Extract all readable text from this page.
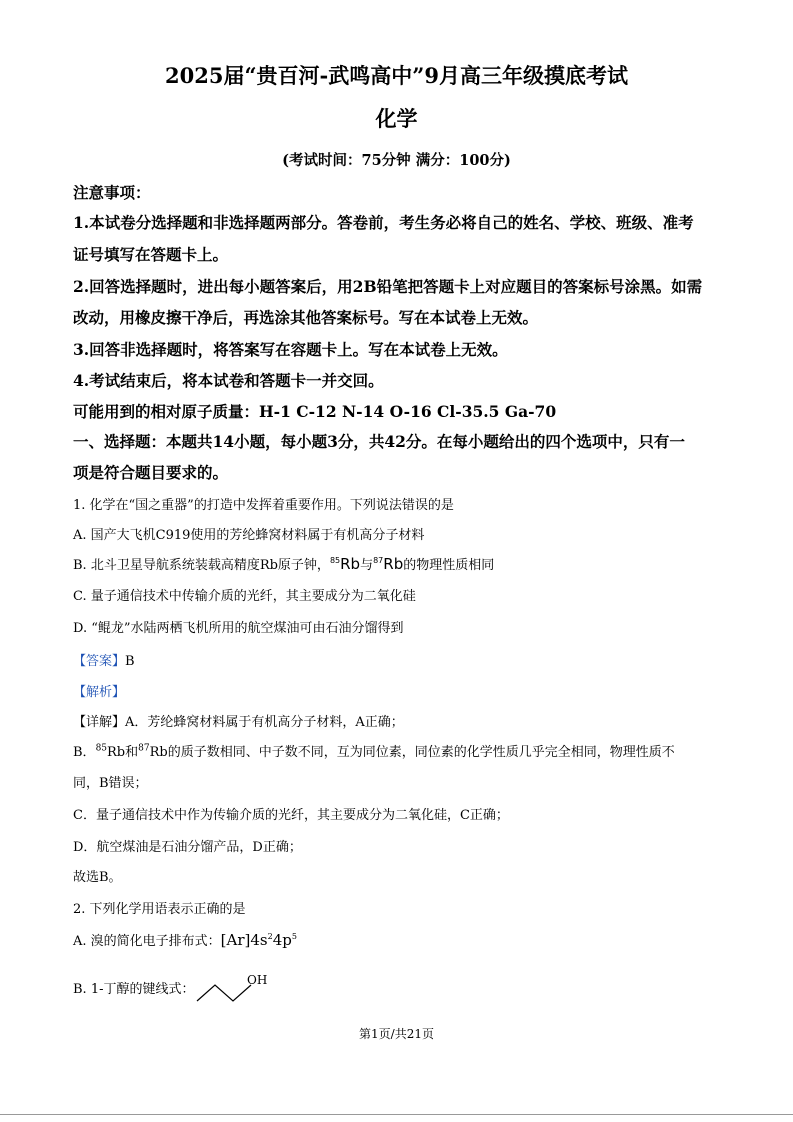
2025届“贵百河-武鸣高中”9月高三年级摸底考试
化学
(考试时间：75分钟 满分：100分)
注意事项：
1.本试卷分选择题和非选择题两部分。答卷前，考生务必将自己的姓名、学校、班级、准考
证号填写在答题卡上。
2.回答选择题时，进出每小题答案后，用2B铅笔把答题卡上对应题目的答案标号涂黑。如需
改动，用橡皮擦干净后，再选涂其他答案标号。写在本试卷上无效。
3.回答非选择题时，将答案写在容题卡上。写在本试卷上无效。
4.考试结束后，将本试卷和答题卡一并交回。
可能用到的相对原子质量：H-1 C-12 N-14 O-16 Cl-35.5 Ga-70
一、选择题：本题共14小题，每小题3分，共42分。在每小题给出的四个选项中，只有一
项是符合题目要求的。
1. 化学在“国之重器”的打造中发挥着重要作用。下列说法错误的是
A. 国产大飞机C919使用的芳纶蜂窝材料属于有机高分子材料
B. 北斗卫星导航系统装载高精度Rb原子钟，$^{85}$Rb与$^{87}$Rb的物理性质相同
C. 量子通信技术中传输介质的光纤，其主要成分为二氧化硅
D. “鲲龙”水陆两栖飞机所用的航空煤油可由石油分馏得到
【答案】B
【解析】
【详解】A．芳纶蜂窝材料属于有机高分子材料，A正确；
B．$^{85}$Rb和$^{87}$Rb的质子数相同、中子数不同，互为同位素，同位素的化学性质几乎完全相同，物理性质不
同，B错误；
C．量子通信技术中作为传输介质的光纤，其主要成分为二氧化硅，C正确；
D．航空煤油是石油分馏产品，D正确；
故选B。
2. 下列化学用语表示正确的是
A. 溴的简化电子排布式：$[Ar]4s^24p^5$
B. 1-丁醇的键线式：
OH
第1页/共21页
